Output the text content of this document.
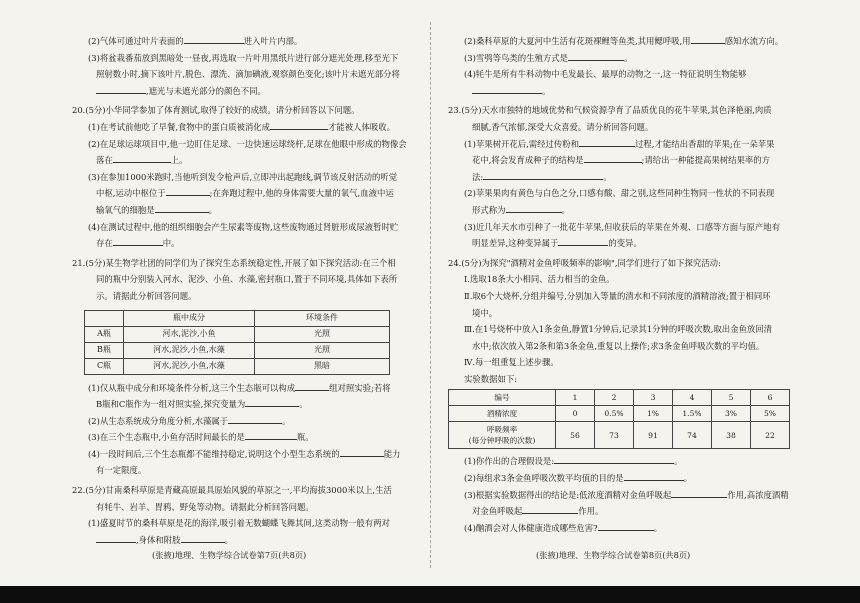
(2)气体可通过叶片表面的	进入叶片内部。

(3)将盆栽番茄放到黑暗处一昼夜,再选取一片叶用黑纸片进行部分遮光处理,移至光下

照射数小时,摘下该叶片,脱色、漂洗、滴加碘液,观察颜色变化;该叶片未遮光部分将

,遮光与未遮光部分的颜色不同。

20.(5分)小华同学参加了体育测试,取得了较好的成绩。请分析回答以下问题。

(1)在考试前他吃了早餐,食物中的蛋白质被消化成	才能被人体吸收。

(2)在足球运球项目中,他一边盯住足球、一边快速运球绕杆,足球在他眼中形成的物像会

落在	上。

(3)在参加1000米跑时,当他听到发令枪声后,立即冲出起跑线,调节该反射活动的听觉

中枢,运动中枢位于	;在奔跑过程中,他的身体需要大量的氧气,血液中运

输氧气的细胞是	。

(4)在测试过程中,他的组织细胞会产生尿素等废物,这些废物通过肾脏形成尿液暂时贮

存在	中。

21.(5分)某生物学社团的同学们为了探究生态系统稳定性,开展了如下探究活动:在三个相

同的瓶中分别装入河水、泥沙、小鱼、水藻,密封瓶口,置于不同环境,具体如下表所

示。请据此分析回答问题。

	瓶中成分	环境条件
A瓶	河水,泥沙,小鱼	光照
B瓶	河水,泥沙,小鱼,水藻	光照
C瓶	河水,泥沙,小鱼,水藻	黑暗

(1)仅从瓶中成分和环境条件分析,这三个生态瓶可以构成	组对照实验;若将

B瓶和C瓶作为一组对照实验,探究变量为	。

(2)从生态系统成分角度分析,水藻属于	。

(3)在三个生态瓶中,小鱼存活时间最长的是	瓶。

(4)一段时间后,三个生态瓶都不能维持稳定,说明这个小型生态系统的	能力

有一定限度。

22.(5分)甘南桑科草原是青藏高原最具原始风貌的草原之一,平均海拔3000米以上,生活

有牦牛、岩羊、胃鸦、野兔等动物。请据此分析回答问题。

(1)盛夏时节的桑科草原是花的海洋,吸引着无数蝴蝶飞舞其间,这类动物一般有两对

,身体和附肢	。

(2)桑科草原的大夏河中生活有花斑裸鲤等鱼类,其用鳃呼吸,用	感知水流方向。

(3)雪鸮等鸟类的生殖方式是	。

(4)牦牛是所有牛科动物中毛发最长、最厚的动物之一,这一特征说明生物能够

。

23.(5分)天水市独特的地域优势和气候资源孕育了品质优良的花牛苹果,其色泽艳丽,肉质

细腻,香气浓郁,深受大众喜爱。请分析回答问题。

(1)苹果树开花后,需经过传粉和	过程,才能结出香甜的苹果;在一朵苹果

花中,将会发育成种子的结构是	;请给出一种能提高果树结果率的方

法:	。

(2)苹果果肉有黄色与白色之分,口感有酸、甜之别,这些同种生物同一性状的不同表现

形式称为	。

(3)近几年天水市引种了一批花牛苹果,但收获后的苹果在外观、口感等方面与原产地有

明显差异,这种变异属于	的变异。

24.(5分)为探究"酒精对金鱼呼吸频率的影响",同学们进行了如下探究活动:

Ⅰ.选取18条大小相同、活力相当的金鱼。

Ⅱ.取6个大烧杯,分组并编号,分别加入等量的清水和不同浓度的酒精溶液;置于相同环

境中。

Ⅲ.在1号烧杯中放入1条金鱼,静置1分钟后,记录其1分钟的呼吸次数,取出金鱼放回清

水中;依次放入第2条和第3条金鱼,重复以上操作;求3条金鱼呼吸次数的平均值。

Ⅳ.每一组重复上述步骤。

实验数据如下:

编号	1	2	3	4	5	6
酒精浓度	0	0.5%	1%	1.5%	3%	5%
呼吸频率
(每分钟呼吸的次数)	56	73	91	74	38	22

(1)你作出的合理假设是:	。

(2)每组求3条金鱼呼吸次数平均值的目的是	。

(3)根据实验数据得出的结论是:低浓度酒精对金鱼呼吸起	作用,高浓度酒精

对金鱼呼吸起	作用。

(4)酗酒会对人体健康造成哪些危害?	。

(张掖)地理、生物学综合试卷第7页(共8页)	(张掖)地理、生物学综合试卷第8页(共8页)
